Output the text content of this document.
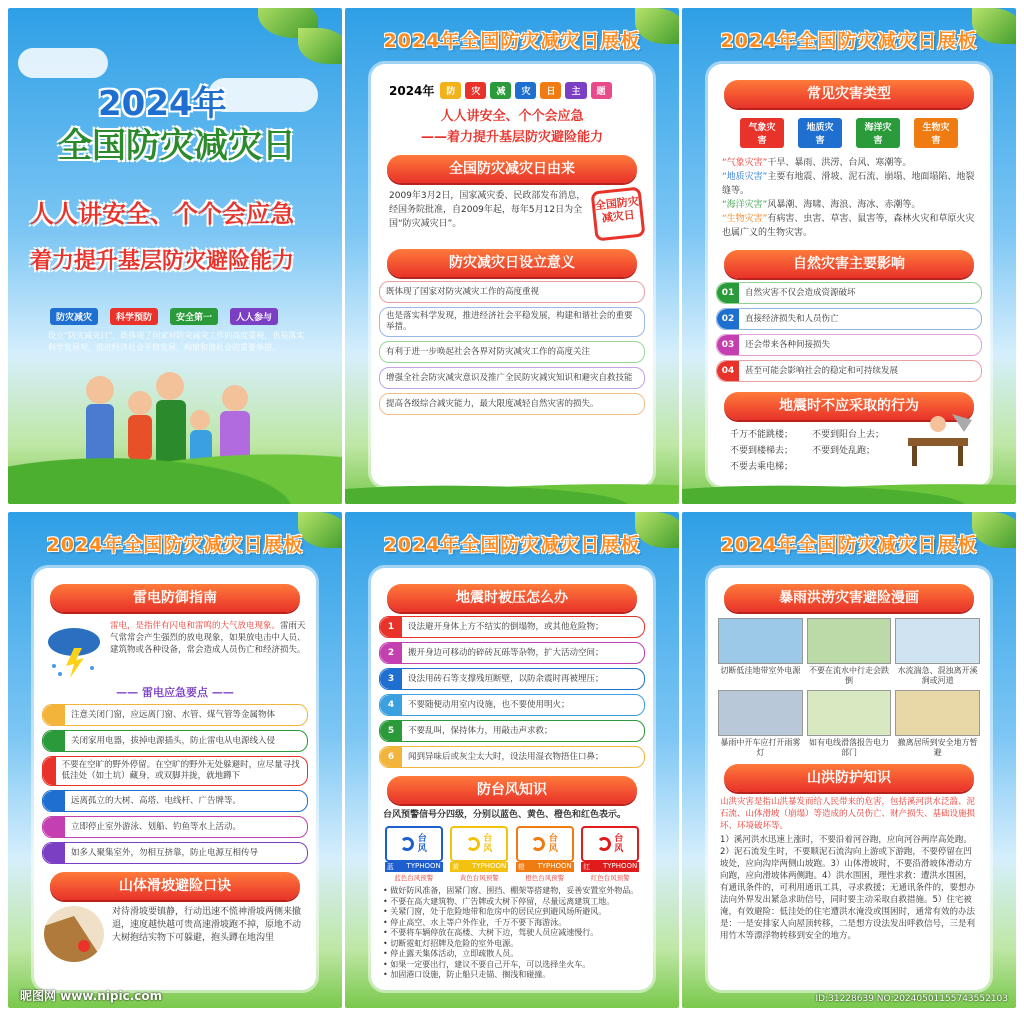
2024年
全国防灾减灾日
人人讲安全、个个会应急
着力提升基层防灾避险能力
防灾减灾	科学预防	安全第一	人人参与
设立“防灾减灾日”，既体现了国家对防灾减灾工作的高度重视，也是落实科学发展观，推进经济社会平稳发展，构建和谐社会的重要举措。
2024年全国防灾减灾日展板
2024年	防	灾	减	灾	日	主	题
人人讲安全、个个会应急
——着力提升基层防灾避险能力
全国防灾减灾日由来
2009年3月2日，国家减灾委、民政部发布消息，经国务院批准，自2009年起，每年5月12日为全国“防灾减灾日”。
全国防灾减灾日
防灾减灾日设立意义
既体现了国家对防灾减灾工作的高度重视
也是落实科学发现，推进经济社会平稳发展，构建和谐社会的重要举措。
有利于进一步唤起社会各界对防灾减灾工作的高度关注
增强全社会防灾减灾意识及推广全民防灾减灾知识和避灾自救技能
提高各级综合减灾能力，最大限度减轻自然灾害的损失。
2024年全国防灾减灾日展板
常见灾害类型
气象灾害
地质灾害
海洋灾害
生物灾害
“气象灾害”干旱、暴雨、洪涝、台风、寒潮等。
“地质灾害”主要有地震、滑坡、泥石流、崩塌、地面塌陷、地裂缝等。
“海洋灾害”风暴潮、海啸、海浪、海冰、赤潮等。
“生物灾害”有病害、虫害、草害、鼠害等，森林火灾和草原火灾也属广义的生物灾害。
自然灾害主要影响
01	自然灾害不仅会造成资源破坏
02	直接经济损失和人员伤亡
03	还会带来各种间接损失
04	甚至可能会影响社会的稳定和可持续发展
地震时不应采取的行为
千万不能跳楼；	不要到阳台上去；
不要到楼梯去；	不要到处乱跑；
不要去乘电梯；
2024年全国防灾减灾日展板
雷电防御指南
雷电，是指伴有闪电和雷鸣的大气放电现象。雷雨天气常常会产生强烈的放电现象，如果放电击中人员、建筑物或各种设备，常会造成人员伤亡和经济损失。
—— 雷电应急要点 ——
注意关闭门窗，应远离门窗、水管、煤气管等金属物体
关闭家用电器，拔掉电源插头，防止雷电从电源线入侵
不要在空旷的野外停留。在空旷的野外无处躲避时，应尽量寻找低洼处（如土坑）藏身，或双脚并拢，就地蹲下
远离孤立的大树、高塔、电线杆、广告牌等。
立即停止室外游泳、划船、钓鱼等水上活动。
如多人聚集室外，勿相互挤靠，防止电源互相传导
山体滑坡避险口诀
对待滑坡要镇静，行动迅速不慌神滑坡两侧来撤退，速度越快越可贵高速滑坡跑不掉，原地不动大树抱结实物下可躲避，抱头蹲在地沟里
昵图网 www.nipic.com
2024年全国防灾减灾日展板
地震时被压怎么办
1	设法避开身体上方不结实的倒塌物，或其他危险物；
2	搬开身边可移动的碎砖瓦砾等杂物，扩大活动空间；
3	设法用砖石等支撑残垣断壁，以防余震时再被埋压；
4	不要随便动用室内设施，也不要使用明火；
5	不要乱叫，保持体力，用敲击声求救；
6	闻到异味后或灰尘太大时，设法用湿衣物捂住口鼻；
防台风知识
台风预警信号分四级，分别以蓝色、黄色、橙色和红色表示。
台风
蓝 TYPHOON
蓝色台风预警
台风
黄 TYPHOON
黄色台风预警
台风
橙 TYPHOON
橙色台风预警
台风
红 TYPHOON
红色台风预警
• 做好防风准备，固紧门窗、围挡、棚架等搭建物，妥善安置室外物品。
• 不要在高大建筑物、广告牌或大树下停留，尽量远离建筑工地。
• 关紧门窗，处于危险地带和危房中的居民应到避风场所避风。
• 停止高空、水上等户外作业，千万不要下海游泳。
• 不要将车辆停放在高楼、大树下边，驾驶人员应减速慢行。
• 切断霓虹灯招牌及危险的室外电源。
• 停止露天集体活动，立即疏散人员。
• 如果一定要出行，建议不要自己开车，可以选择坐火车。
• 加固港口设施，防止船只走锚、搁浅和碰撞。
2024年全国防灾减灾日展板
暴雨洪涝灾害避险漫画
切断低洼地带室外电源 不要在流水中行走会跌倒
水流湍急、混浊离开溪涧或河道
暴雨中开车应打开雨雾灯
如有电线滑落报告电力部门
撤离居所到安全地方暂避
山洪防护知识
山洪灾害是指山洪暴发而给人民带来的危害，包括溪河洪水泛滥、泥石流、山体滑坡（崩塌）等造成的人员伤亡、财产损失、基础设施损坏、环境破坏等。
1）溪河洪水迅速上涨时，不要沿着河谷跑，应向河谷两岸高处跑。2）泥石流发生时，不要顺泥石流沟向上游或下游跑，不要停留在凹坡处，应向沟岸两侧山坡跑。3）山体滑坡时，不要沿滑坡体滑动方向跑，应向滑坡体两侧跑。4）洪水围困，理性求救：遭洪水围困，有通讯条件的，可利用通讯工具，寻求救援；无通讯条件的，要想办法向外界发出紧急求助信号，同时要主动采取自救措施。5）住宅被淹，有效避险：低洼处的住宅遭洪水淹没或围困时，通常有效的办法是：一是安排家人向屋顶转移，二是想方设法发出呼救信号，三是利用竹木等漂浮物转移到安全的地方。
ID:31228639 NO:20240501155743552103
